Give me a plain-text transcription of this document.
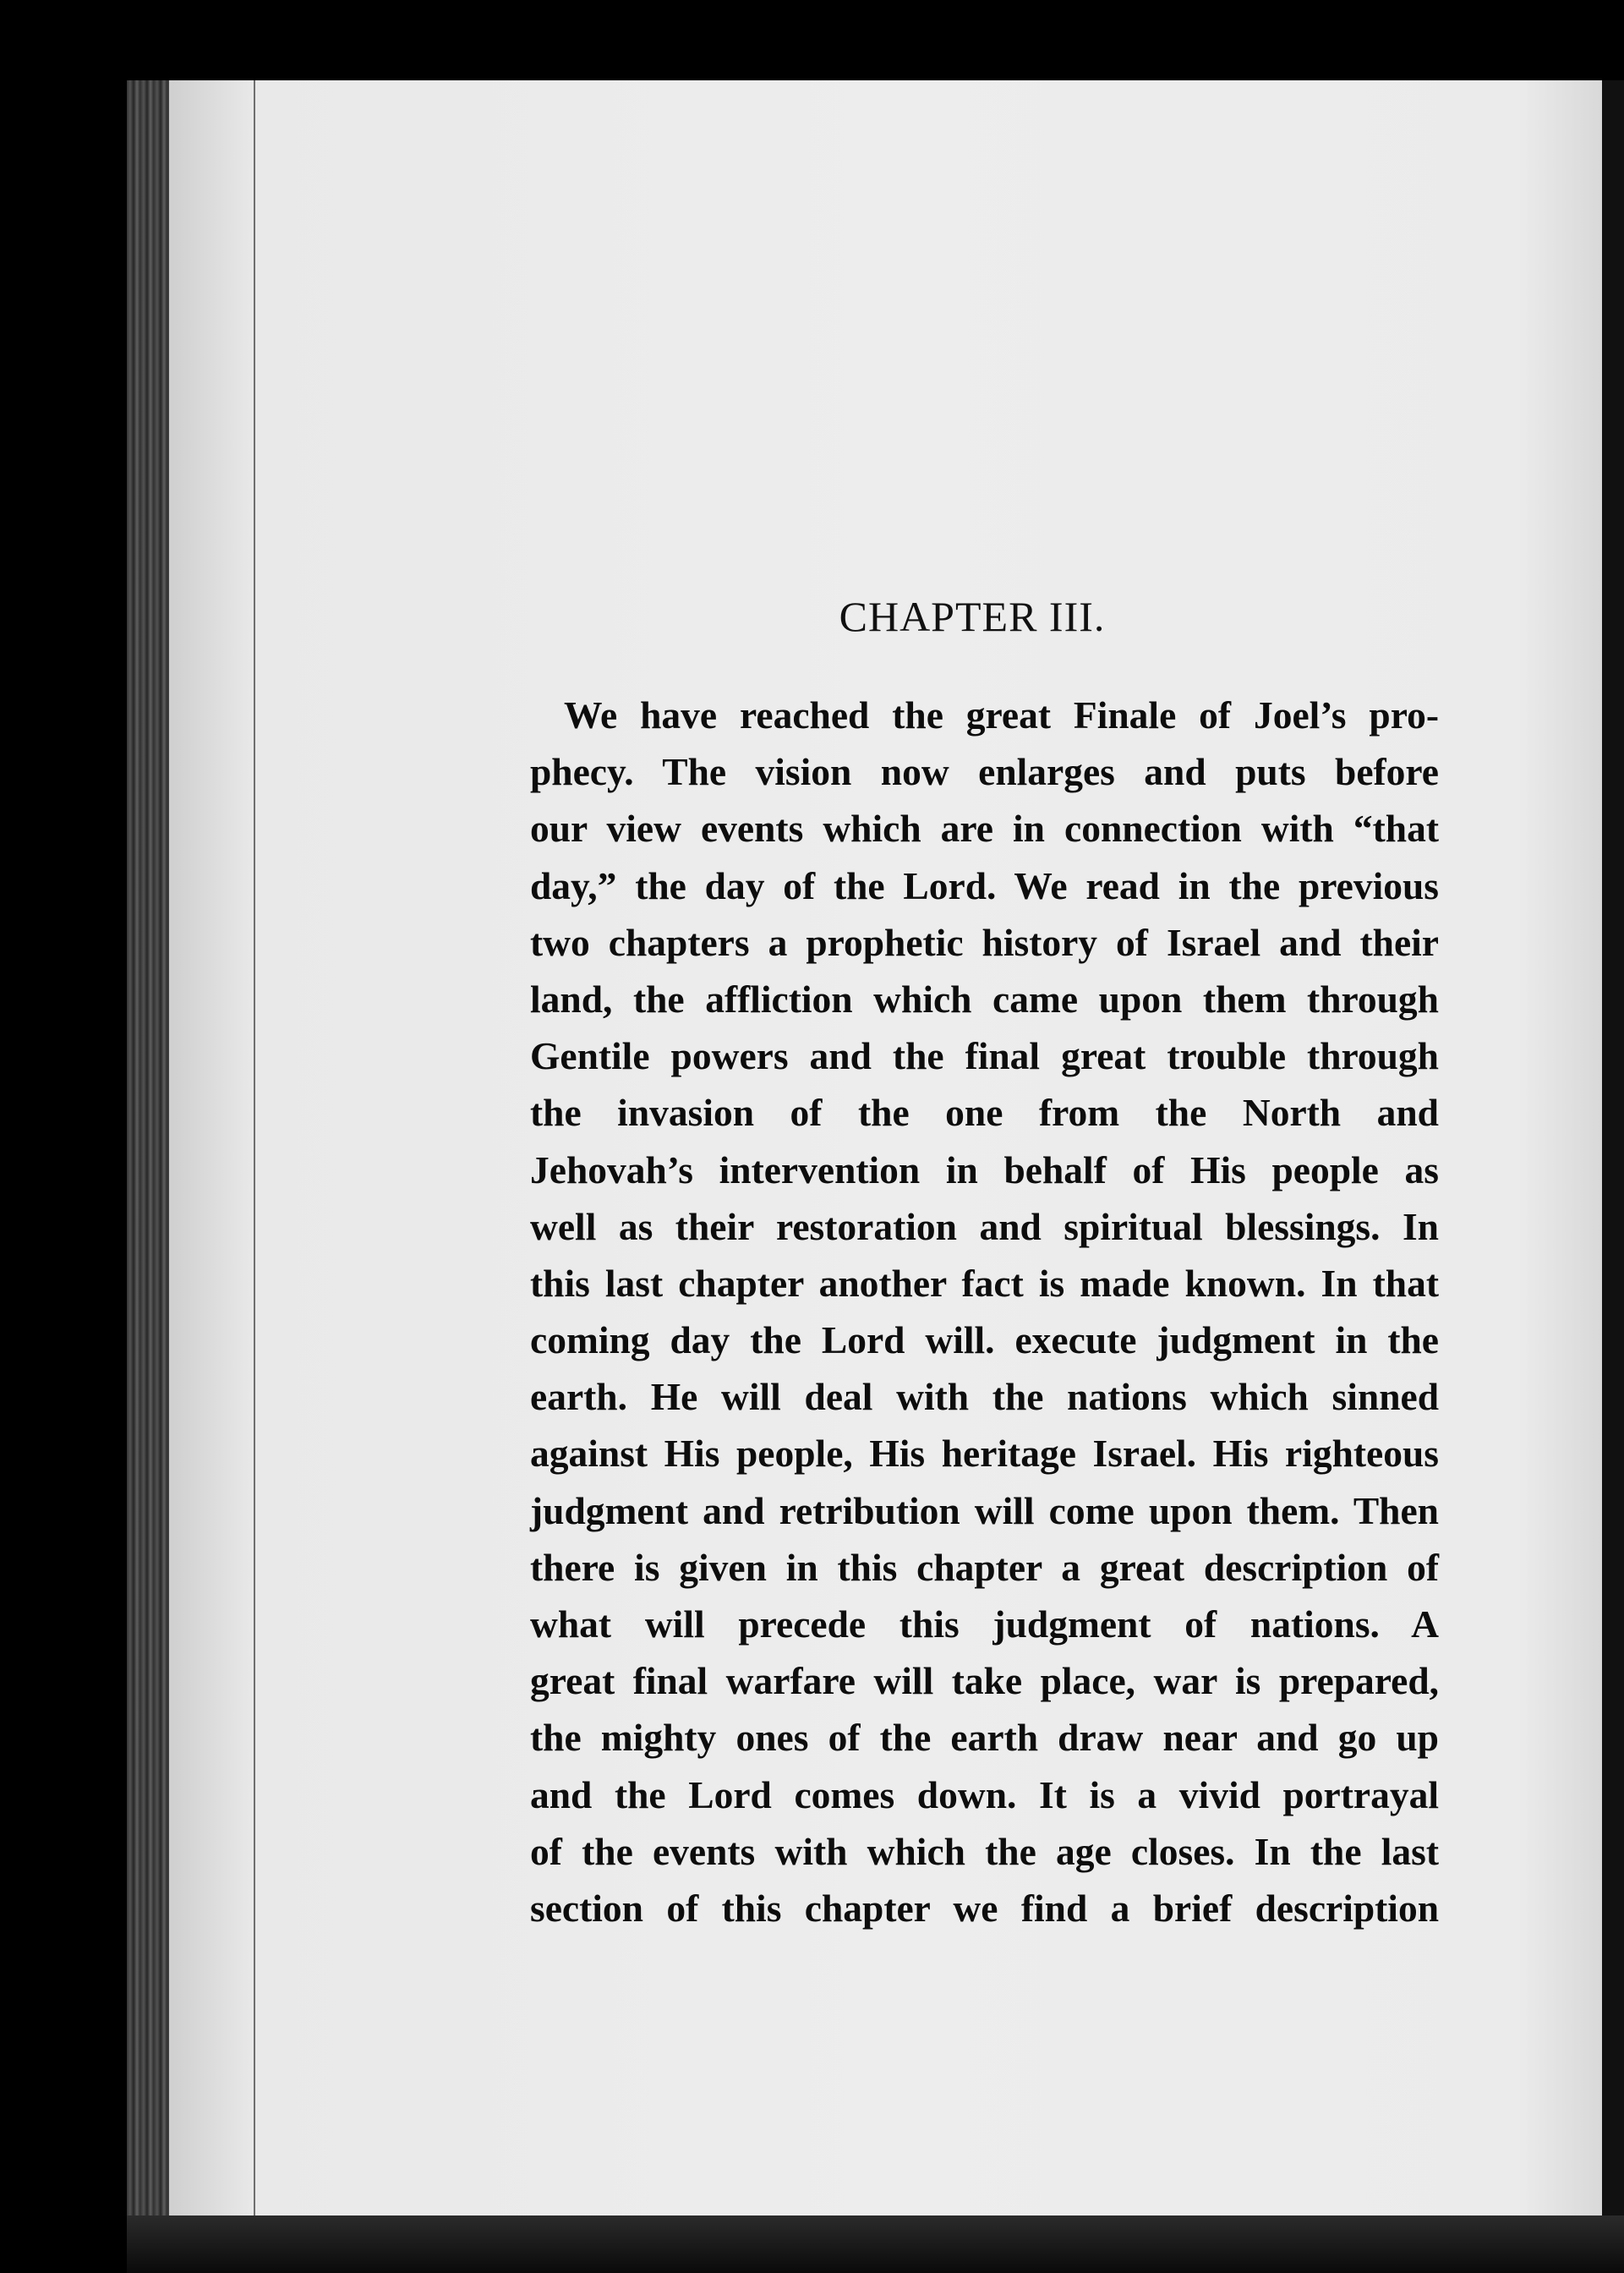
CHAPTER III.
We have reached the great Finale of Joel’s pro-
phecy. The vision now enlarges and puts before
our view events which are in connection with “that
day,” the day of the Lord. We read in the previous
two chapters a prophetic history of Israel and their
land, the affliction which came upon them through
Gentile powers and the final great trouble through
the invasion of the one from the North and
Jehovah’s intervention in behalf of His people as
well as their restoration and spiritual blessings. In
this last chapter another fact is made known. In that
coming day the Lord will. execute judgment in the
earth. He will deal with the nations which sinned
against His people, His heritage Israel. His righteous
judgment and retribution will come upon them. Then
there is given in this chapter a great description of
what will precede this judgment of nations. A
great final warfare will take place, war is prepared,
the mighty ones of the earth draw near and go up
and the Lord comes down. It is a vivid portrayal
of the events with which the age closes. In the last
section of this chapter we find a brief description
